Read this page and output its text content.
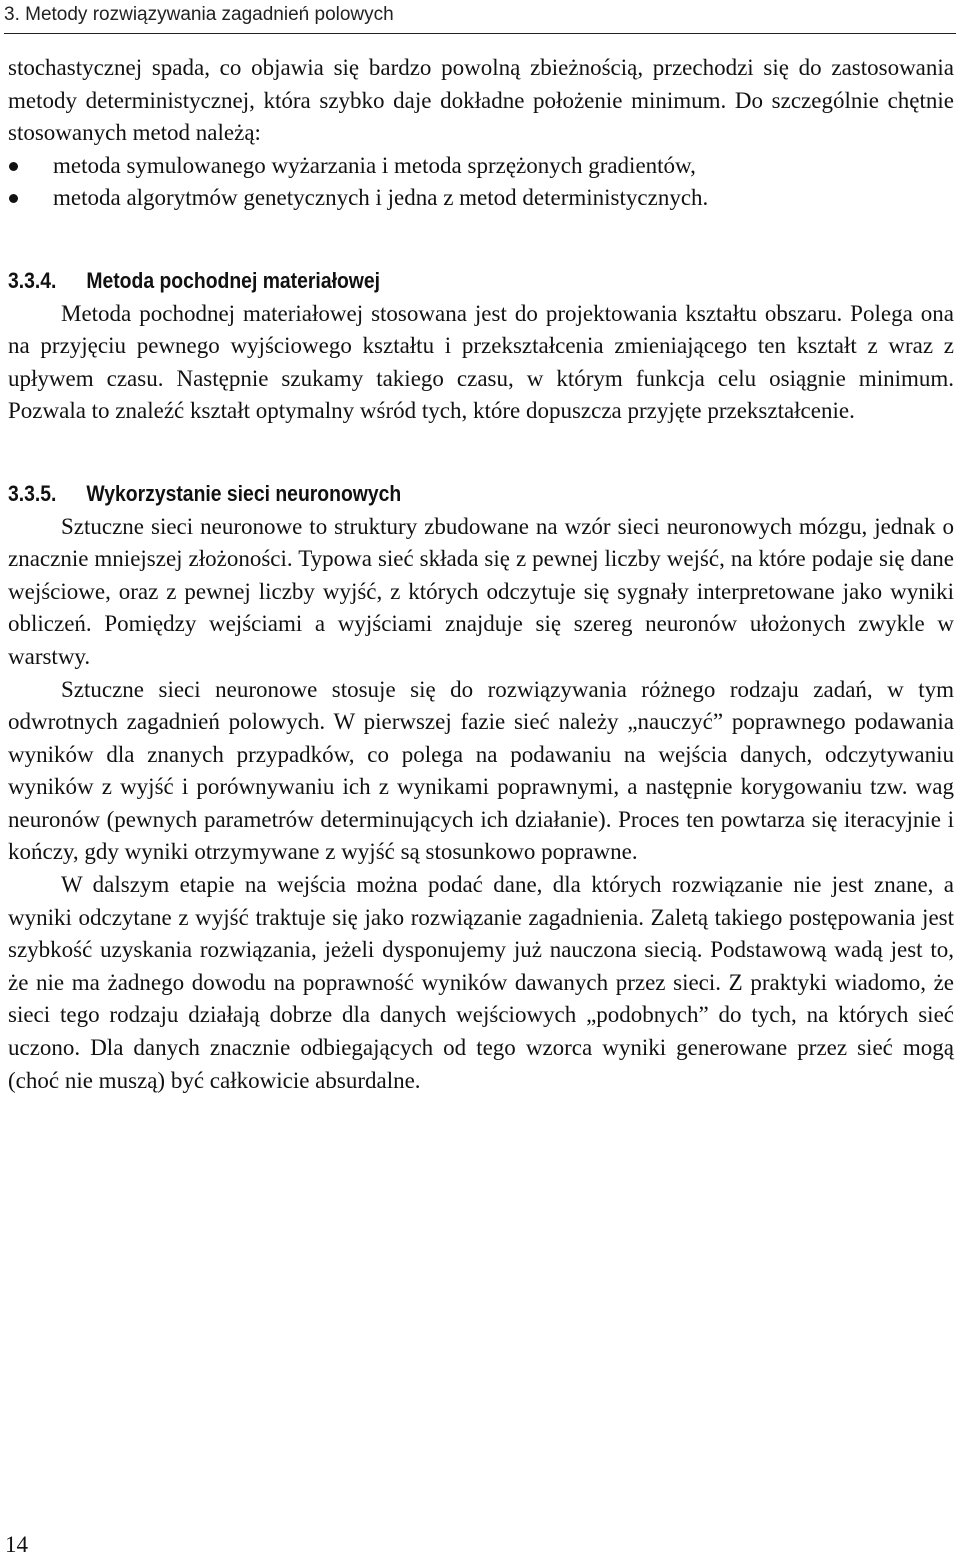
3. Metody rozwiązywania zagadnień polowych

stochastycznej spada, co objawia się bardzo powolną zbieżnością, przechodzi się do zastosowania metody deterministycznej, która szybko daje dokładne położenie minimum. Do szczególnie chętnie stosowanych metod należą:

metoda symulowanego wyżarzania i metoda sprzężonych gradientów,
metoda algorytmów genetycznych i jedna z metod deterministycznych.
3.3.4. Metoda pochodnej materiałowej

Metoda pochodnej materiałowej stosowana jest do projektowania kształtu obszaru. Polega ona na przyjęciu pewnego wyjściowego kształtu i przekształcenia zmieniającego ten kształt z wraz z upływem czasu. Następnie szukamy takiego czasu, w którym funkcja celu osiągnie minimum. Pozwala to znaleźć kształt optymalny wśród tych, które dopuszcza przyjęte przekształcenie.

3.3.5. Wykorzystanie sieci neuronowych

Sztuczne sieci neuronowe to struktury zbudowane na wzór sieci neuronowych mózgu, jednak o znacznie mniejszej złożoności. Typowa sieć składa się z pewnej liczby wejść, na które podaje się dane wejściowe, oraz z pewnej liczby wyjść, z których odczytuje się sygnały interpretowane jako wyniki obliczeń. Pomiędzy wejściami a wyjściami znajduje się szereg neuronów ułożonych zwykle w warstwy.

Sztuczne sieci neuronowe stosuje się do rozwiązywania różnego rodzaju zadań, w tym odwrotnych zagadnień polowych. W pierwszej fazie sieć należy „nauczyć” poprawnego podawania wyników dla znanych przypadków, co polega na podawaniu na wejścia danych, odczytywaniu wyników z wyjść i porównywaniu ich z wynikami poprawnymi, a następnie korygowaniu tzw. wag neuronów (pewnych parametrów determinujących ich działanie). Proces ten powtarza się iteracyjnie i kończy, gdy wyniki otrzymywane z wyjść są stosunkowo poprawne.

W dalszym etapie na wejścia można podać dane, dla których rozwiązanie nie jest znane, a wyniki odczytane z wyjść traktuje się jako rozwiązanie zagadnienia. Zaletą takiego postępowania jest szybkość uzyskania rozwiązania, jeżeli dysponujemy już nauczona siecią. Podstawową wadą jest to, że nie ma żadnego dowodu na poprawność wyników dawanych przez sieci. Z praktyki wiadomo, że sieci tego rodzaju działają dobrze dla danych wejściowych „podobnych” do tych, na których sieć uczono. Dla danych znacznie odbiegających od tego wzorca wyniki generowane przez sieć mogą (choć nie muszą) być całkowicie absurdalne.

14
